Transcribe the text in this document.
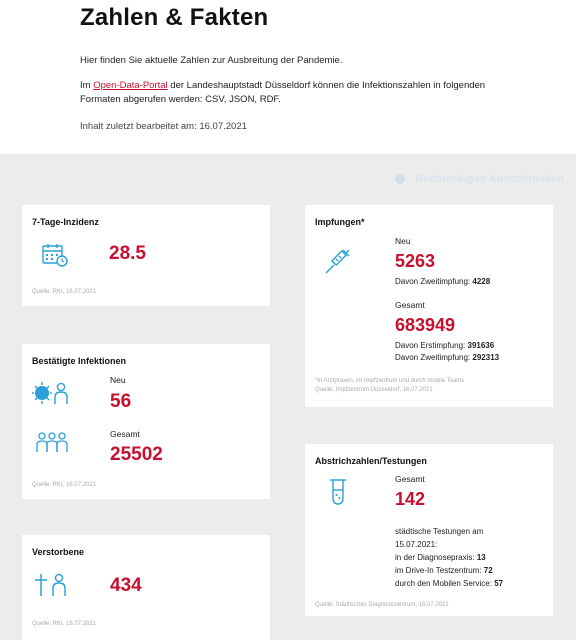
Zahlen & Fakten
Hier finden Sie aktuelle Zahlen zur Ausbreitung der Pandemie.
Im Open-Data-Portal der Landeshauptstadt Düsseldorf können die Infektionszahlen in folgenden Formaten abgerufen werden: CSV, JSON, RDF.
Inhalt zuletzt bearbeitet am: 16.07.2021
Rechteckiges Ausschneiden
7-Tage-Inzidenz
28.5
Quelle: RKI, 16.07.2021
Bestätigte Infektionen
Neu
56
Gesamt
25502
Quelle: RKI, 16.07.2021
Verstorbene
434
Quelle: RKI, 16.07.2021
Impfungen*
Neu
5263
Davon Zweitimpfung: 4228
Gesamt
683949
Davon Erstimpfung: 391636
Davon Zweitimpfung: 292313
*In Arztpraxen, im Impfzentrum und durch mobile Teams
Quelle: Impfzentrum Düsseldorf, 16.07.2021
Abstrichzahlen/Testungen
Gesamt
142
städtische Testungen am
15.07.2021:
in der Diagnosepraxis: 13
im Drive-In Testzentrum: 72
durch den Mobilen Service: 57
Quelle: Städtisches Diagnosezentrum, 16.07.2021
